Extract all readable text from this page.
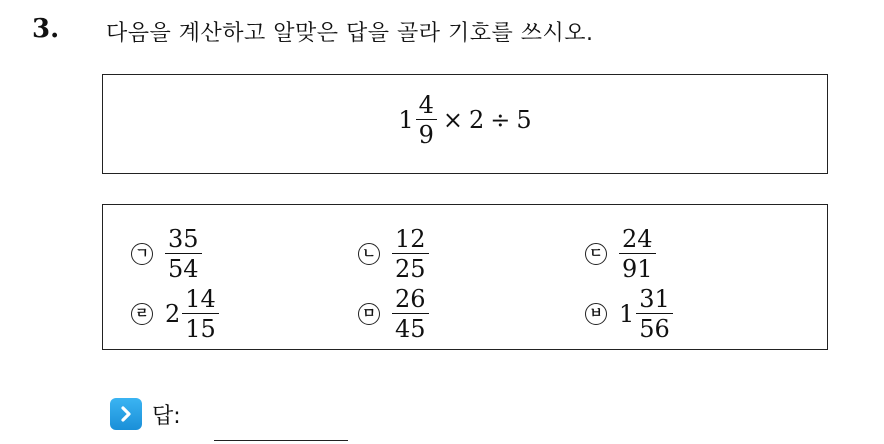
3. 다음을 계산하고 알맞은 답을 골라 기호를 쓰시오.
$1 \frac{4}{9} \times 2 \div 5$
ㄱ $\frac{35}{54}$	ㄴ $\frac{12}{25}$	ㄷ $\frac{24}{91}$
ㄹ $2 \frac{14}{15}$	ㅁ $\frac{26}{45}$	ㅂ $1 \frac{31}{56}$
답:
